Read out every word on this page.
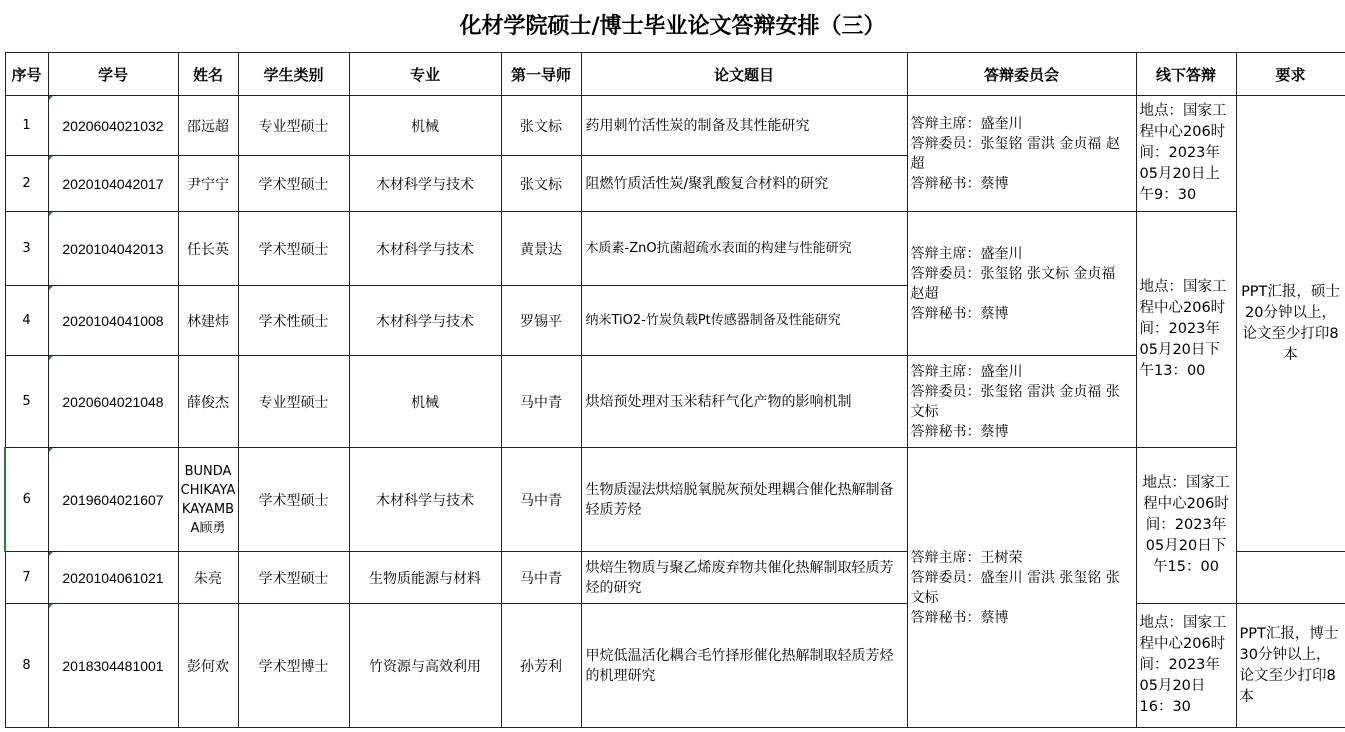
化材学院硕士/博士毕业论文答辩安排（三）
序号	学号	姓名	学生类别	专业	第一导师	论文题目	答辩委员会	线下答辩	要求
1	2020604021032	邵远超	专业型硕士	机械	张文标	药用刺竹活性炭的制备及其性能研究	答辩主席：盛奎川
答辩委员：张玺铭 雷洪 金贞福 赵超
答辩秘书：蔡博	地点：国家工程中心206时间：2023年05月20日上午9：30	PPT汇报，硕士20分钟以上，论文至少打印8本
2	2020104042017	尹宁宁	学术型硕士	木材科学与技术	张文标	阻燃竹质活性炭/聚乳酸复合材料的研究			
3	2020104042013	任长英	学术型硕士	木材科学与技术	黄景达	木质素-ZnO抗菌超疏水表面的构建与性能研究	答辩主席：盛奎川
答辩委员：张玺铭 张文标 金贞福 赵超
答辩秘书：蔡博	地点：国家工程中心206时间：2023年05月20日下午13：00	
4	2020104041008	林建炜	学术性硕士	木材科学与技术	罗锡平	纳米TiO2-竹炭负载Pt传感器制备及性能研究			
5	2020604021048	薛俊杰	专业型硕士	机械	马中青	烘焙预处理对玉米秸秆气化产物的影响机制	答辩主席：盛奎川
答辩委员：张玺铭 雷洪 金贞福 张文标
答辩秘书：蔡博		

6	2019604021607	BUNDA CHIKAYA KAYAMBA顾勇	学术型硕士	木材科学与技术	马中青	生物质湿法烘焙脱氧脱灰预处理耦合催化热解制备轻质芳烃	答辩主席：王树荣
答辩委员：盛奎川 雷洪 张玺铭 张文标
答辩秘书：蔡博	地点：国家工程中心206时间：2023年05月20日下午15：00	
7	2020104061021	朱亮	学术型硕士	生物质能源与材料	马中青	烘焙生物质与聚乙烯废弃物共催化热解制取轻质芳烃的研究			
8	2018304481001	彭何欢	学术型博士	竹资源与高效利用	孙芳利	甲烷低温活化耦合毛竹择形催化热解制取轻质芳烃的机理研究		地点：国家工程中心206时间：2023年05月20日16：30	PPT汇报，博士30分钟以上，论文至少打印8本
